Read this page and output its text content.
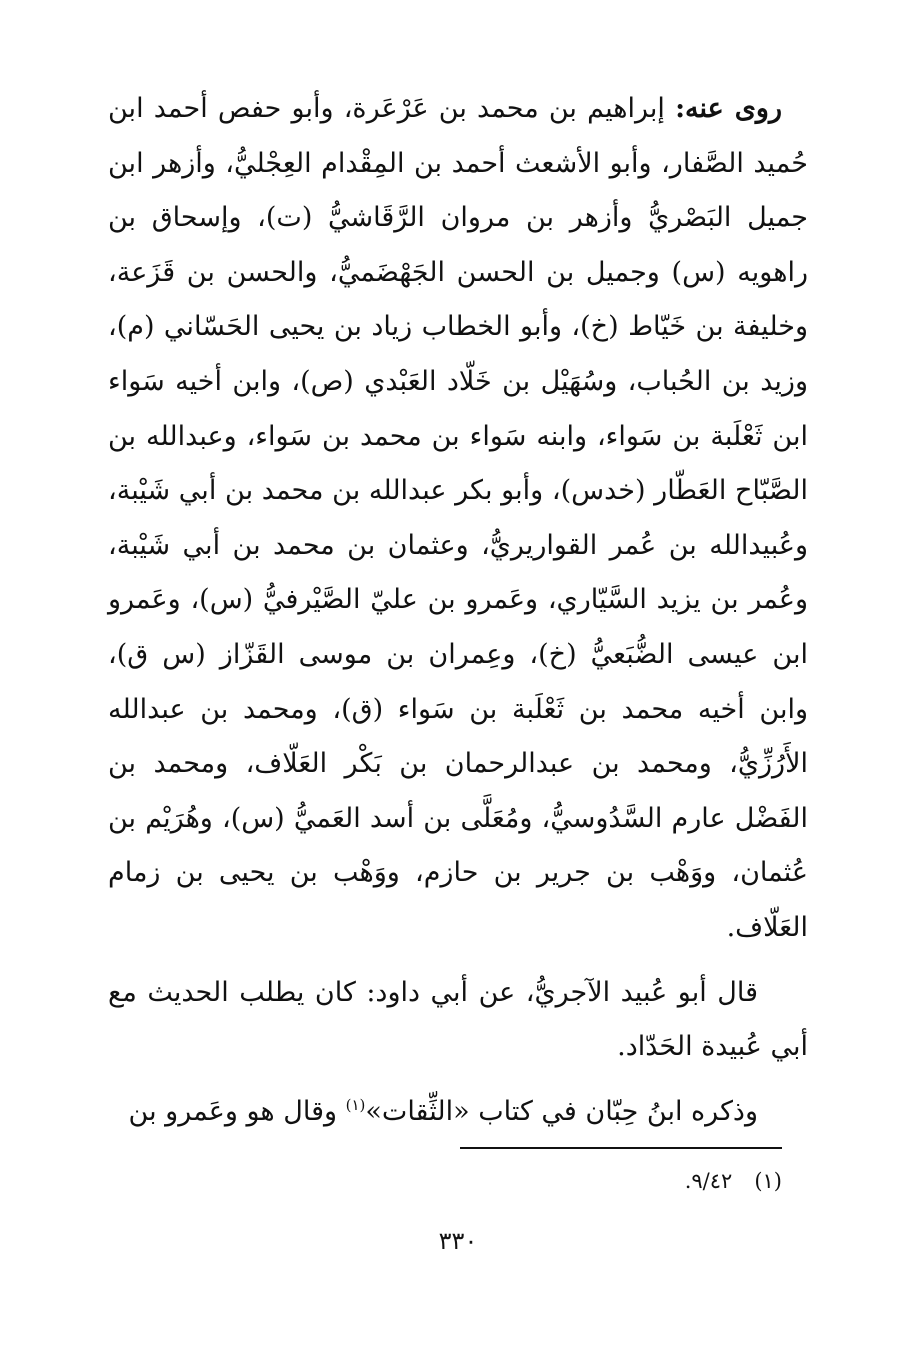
روى عنه: إبراهيم بن محمد بن عَرْعَرة، وأبو حفص أحمد ابن حُميد الصَّفار، وأبو الأشعث أحمد بن المِقْدام العِجْليُّ، وأزهر ابن جميل البَصْريُّ وأزهر بن مروان الرَّقَاشيُّ (ت)، وإسحاق بن راهويه (س) وجميل بن الحسن الجَهْضَميُّ، والحسن بن قَزَعة، وخليفة بن خَيّاط (خ)، وأبو الخطاب زياد بن يحيى الحَسّاني (م)، وزيد بن الحُباب، وسُهَيْل بن خَلّاد العَبْدي (ص)، وابن أخيه سَواء ابن ثَعْلَبة بن سَواء، وابنه سَواء بن محمد بن سَواء، وعبدالله بن الصَّبّاح العَطّار (خدس)، وأبو بكر عبدالله بن محمد بن أبي شَيْبة، وعُبيدالله بن عُمر القواريريُّ، وعثمان بن محمد بن أبي شَيْبة، وعُمر بن يزيد السَّيّاري، وعَمرو بن عليّ الصَّيْرفيُّ (س)، وعَمرو ابن عيسى الضُّبَعيُّ (خ)، وعِمران بن موسى القَزّاز (س ق)، وابن أخيه محمد بن ثَعْلَبة بن سَواء (ق)، ومحمد بن عبدالله الأَرُزِّيُّ، ومحمد بن عبدالرحمان بن بَكْر العَلّاف، ومحمد بن الفَضْل عارم السَّدُوسيُّ، ومُعَلَّى بن أسد العَميُّ (س)، وهُرَيْم بن عُثمان، ووَهْب بن جرير بن حازم، ووَهْب بن يحيى بن زمام العَلّاف.

قال أبو عُبيد الآجريُّ، عن أبي داود: كان يطلب الحديث مع أبي عُبيدة الحَدّاد.

وذكره ابنُ حِبّان في كتاب «الثِّقات»$^{(١)}$ وقال هو وعَمرو بن

(١)٩/٤٢.
٣٣٠
